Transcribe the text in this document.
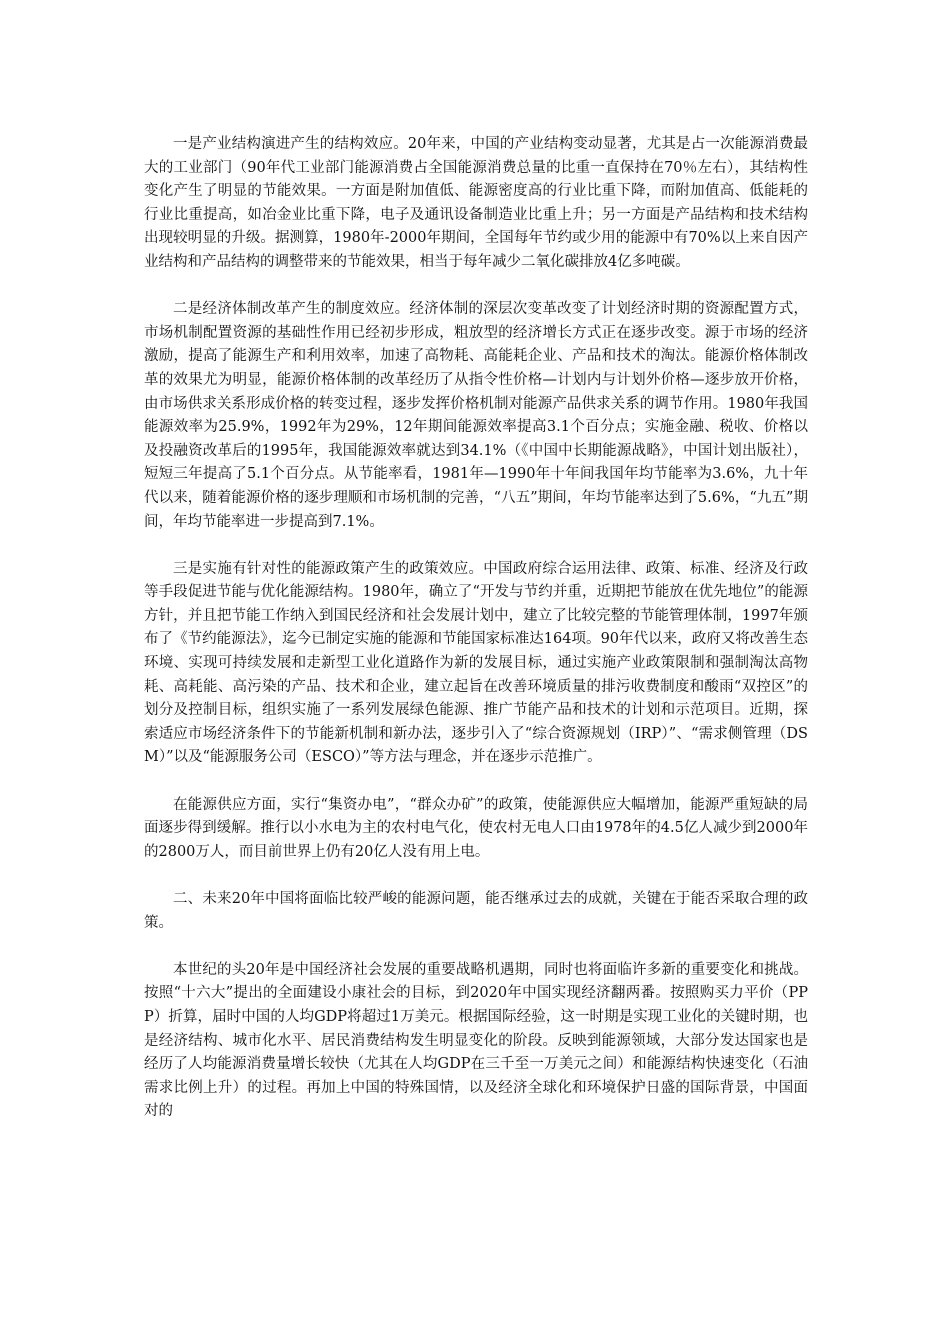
一是产业结构演进产生的结构效应。20年来，中国的产业结构变动显著，尤其是占一次能源消费最大的工业部门（90年代工业部门能源消费占全国能源消费总量的比重一直保持在70％左右），其结构性变化产生了明显的节能效果。一方面是附加值低、能源密度高的行业比重下降，而附加值高、低能耗的行业比重提高，如冶金业比重下降，电子及通讯设备制造业比重上升；另一方面是产品结构和技术结构出现较明显的升级。据测算，1980年-2000年期间，全国每年节约或少用的能源中有70%以上来自因产业结构和产品结构的调整带来的节能效果，相当于每年减少二氧化碳排放4亿多吨碳。

二是经济体制改革产生的制度效应。经济体制的深层次变革改变了计划经济时期的资源配置方式，市场机制配置资源的基础性作用已经初步形成，粗放型的经济增长方式正在逐步改变。源于市场的经济激励，提高了能源生产和利用效率，加速了高物耗、高能耗企业、产品和技术的淘汰。能源价格体制改革的效果尤为明显，能源价格体制的改革经历了从指令性价格—计划内与计划外价格—逐步放开价格，由市场供求关系形成价格的转变过程，逐步发挥价格机制对能源产品供求关系的调节作用。1980年我国能源效率为25.9%，1992年为29%，12年期间能源效率提高3.1个百分点；实施金融、税收、价格以及投融资改革后的1995年，我国能源效率就达到34.1%（《中国中长期能源战略》，中国计划出版社），短短三年提高了5.1个百分点。从节能率看，1981年—1990年十年间我国年均节能率为3.6%，九十年代以来，随着能源价格的逐步理顺和市场机制的完善，“八五”期间，年均节能率达到了5.6%，“九五”期间，年均节能率进一步提高到7.1%。

三是实施有针对性的能源政策产生的政策效应。中国政府综合运用法律、政策、标准、经济及行政等手段促进节能与优化能源结构。1980年，确立了“开发与节约并重，近期把节能放在优先地位”的能源方针，并且把节能工作纳入到国民经济和社会发展计划中，建立了比较完整的节能管理体制，1997年颁布了《节约能源法》，迄今已制定实施的能源和节能国家标准达164项。90年代以来，政府又将改善生态环境、实现可持续发展和走新型工业化道路作为新的发展目标，通过实施产业政策限制和强制淘汰高物耗、高耗能、高污染的产品、技术和企业，建立起旨在改善环境质量的排污收费制度和酸雨“双控区”的划分及控制目标，组织实施了一系列发展绿色能源、推广节能产品和技术的计划和示范项目。近期，探索适应市场经济条件下的节能新机制和新办法，逐步引入了“综合资源规划（IRP）”、“需求侧管理（DSM）”以及“能源服务公司（ESCO）”等方法与理念，并在逐步示范推广。

在能源供应方面，实行“集资办电”，“群众办矿”的政策，使能源供应大幅增加，能源严重短缺的局面逐步得到缓解。推行以小水电为主的农村电气化，使农村无电人口由1978年的4.5亿人减少到2000年的2800万人，而目前世界上仍有20亿人没有用上电。

二、未来20年中国将面临比较严峻的能源问题，能否继承过去的成就，关键在于能否采取合理的政策。

本世纪的头20年是中国经济社会发展的重要战略机遇期，同时也将面临许多新的重要变化和挑战。按照“十六大”提出的全面建设小康社会的目标，到2020年中国实现经济翻两番。按照购买力平价（PPP）折算，届时中国的人均GDP将超过1万美元。根据国际经验，这一时期是实现工业化的关键时期，也是经济结构、城市化水平、居民消费结构发生明显变化的阶段。反映到能源领域，大部分发达国家也是经历了人均能源消费量增长较快（尤其在人均GDP在三千至一万美元之间）和能源结构快速变化（石油需求比例上升）的过程。再加上中国的特殊国情，以及经济全球化和环境保护日盛的国际背景，中国面对的
